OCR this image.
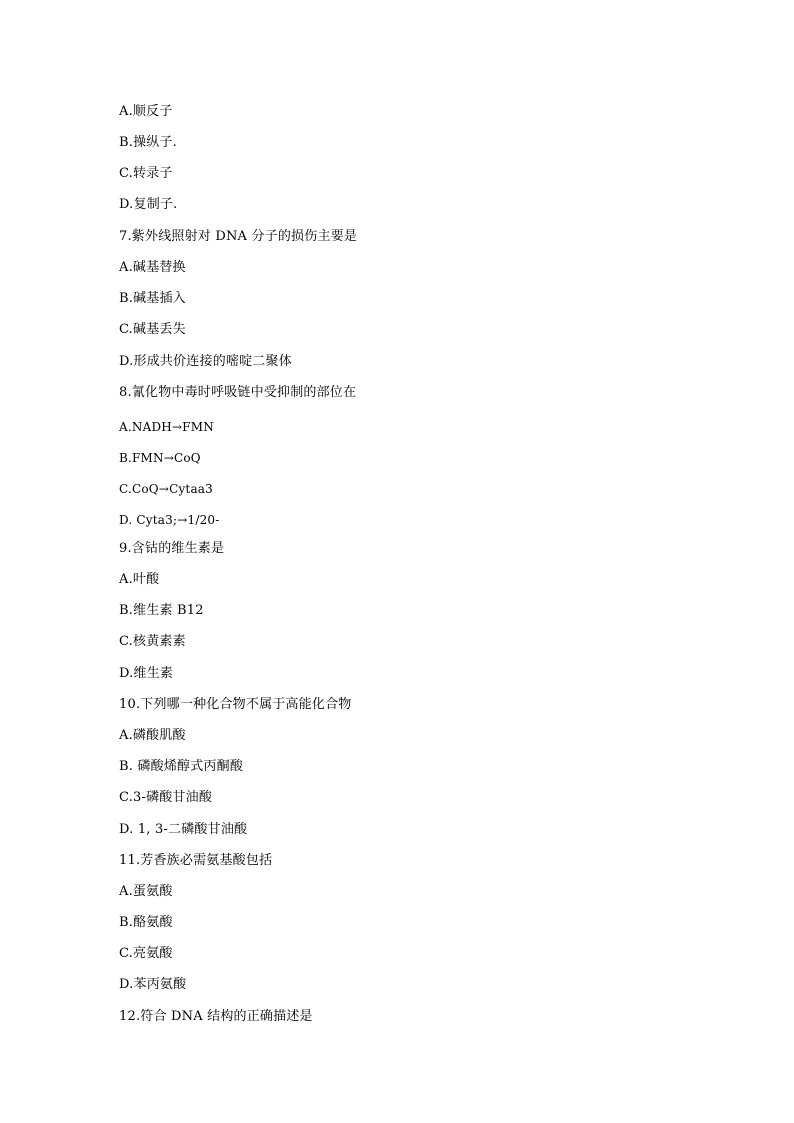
A.顺反子
B.操纵子.
C.转录子
D.复制子.
7.紫外线照射对 DNA 分子的损伤主要是
A.碱基替换
B.碱基插入
C.碱基丢失
D.形成共价连接的嘧啶二聚体
8.氰化物中毒时呼吸链中受抑制的部位在
A.NADH→FMN
B.FMN→CoQ
C.CoQ→Cytaa3
D. Cyta3;→1/20-
9.含钴的维生素是
A.叶酸
B.维生素 B12
C.核黄素素
D.维生素
10.下列哪一种化合物不属于高能化合物
A.磷酸肌酸
B. 磷酸烯醇式丙酮酸
C.3-磷酸甘油酸
D. 1, 3-二磷酸甘油酸
11.芳香族必需氨基酸包括
A.蛋氨酸
B.酪氨酸
C.亮氨酸
D.苯丙氨酸
12.符合 DNA 结构的正确描述是
